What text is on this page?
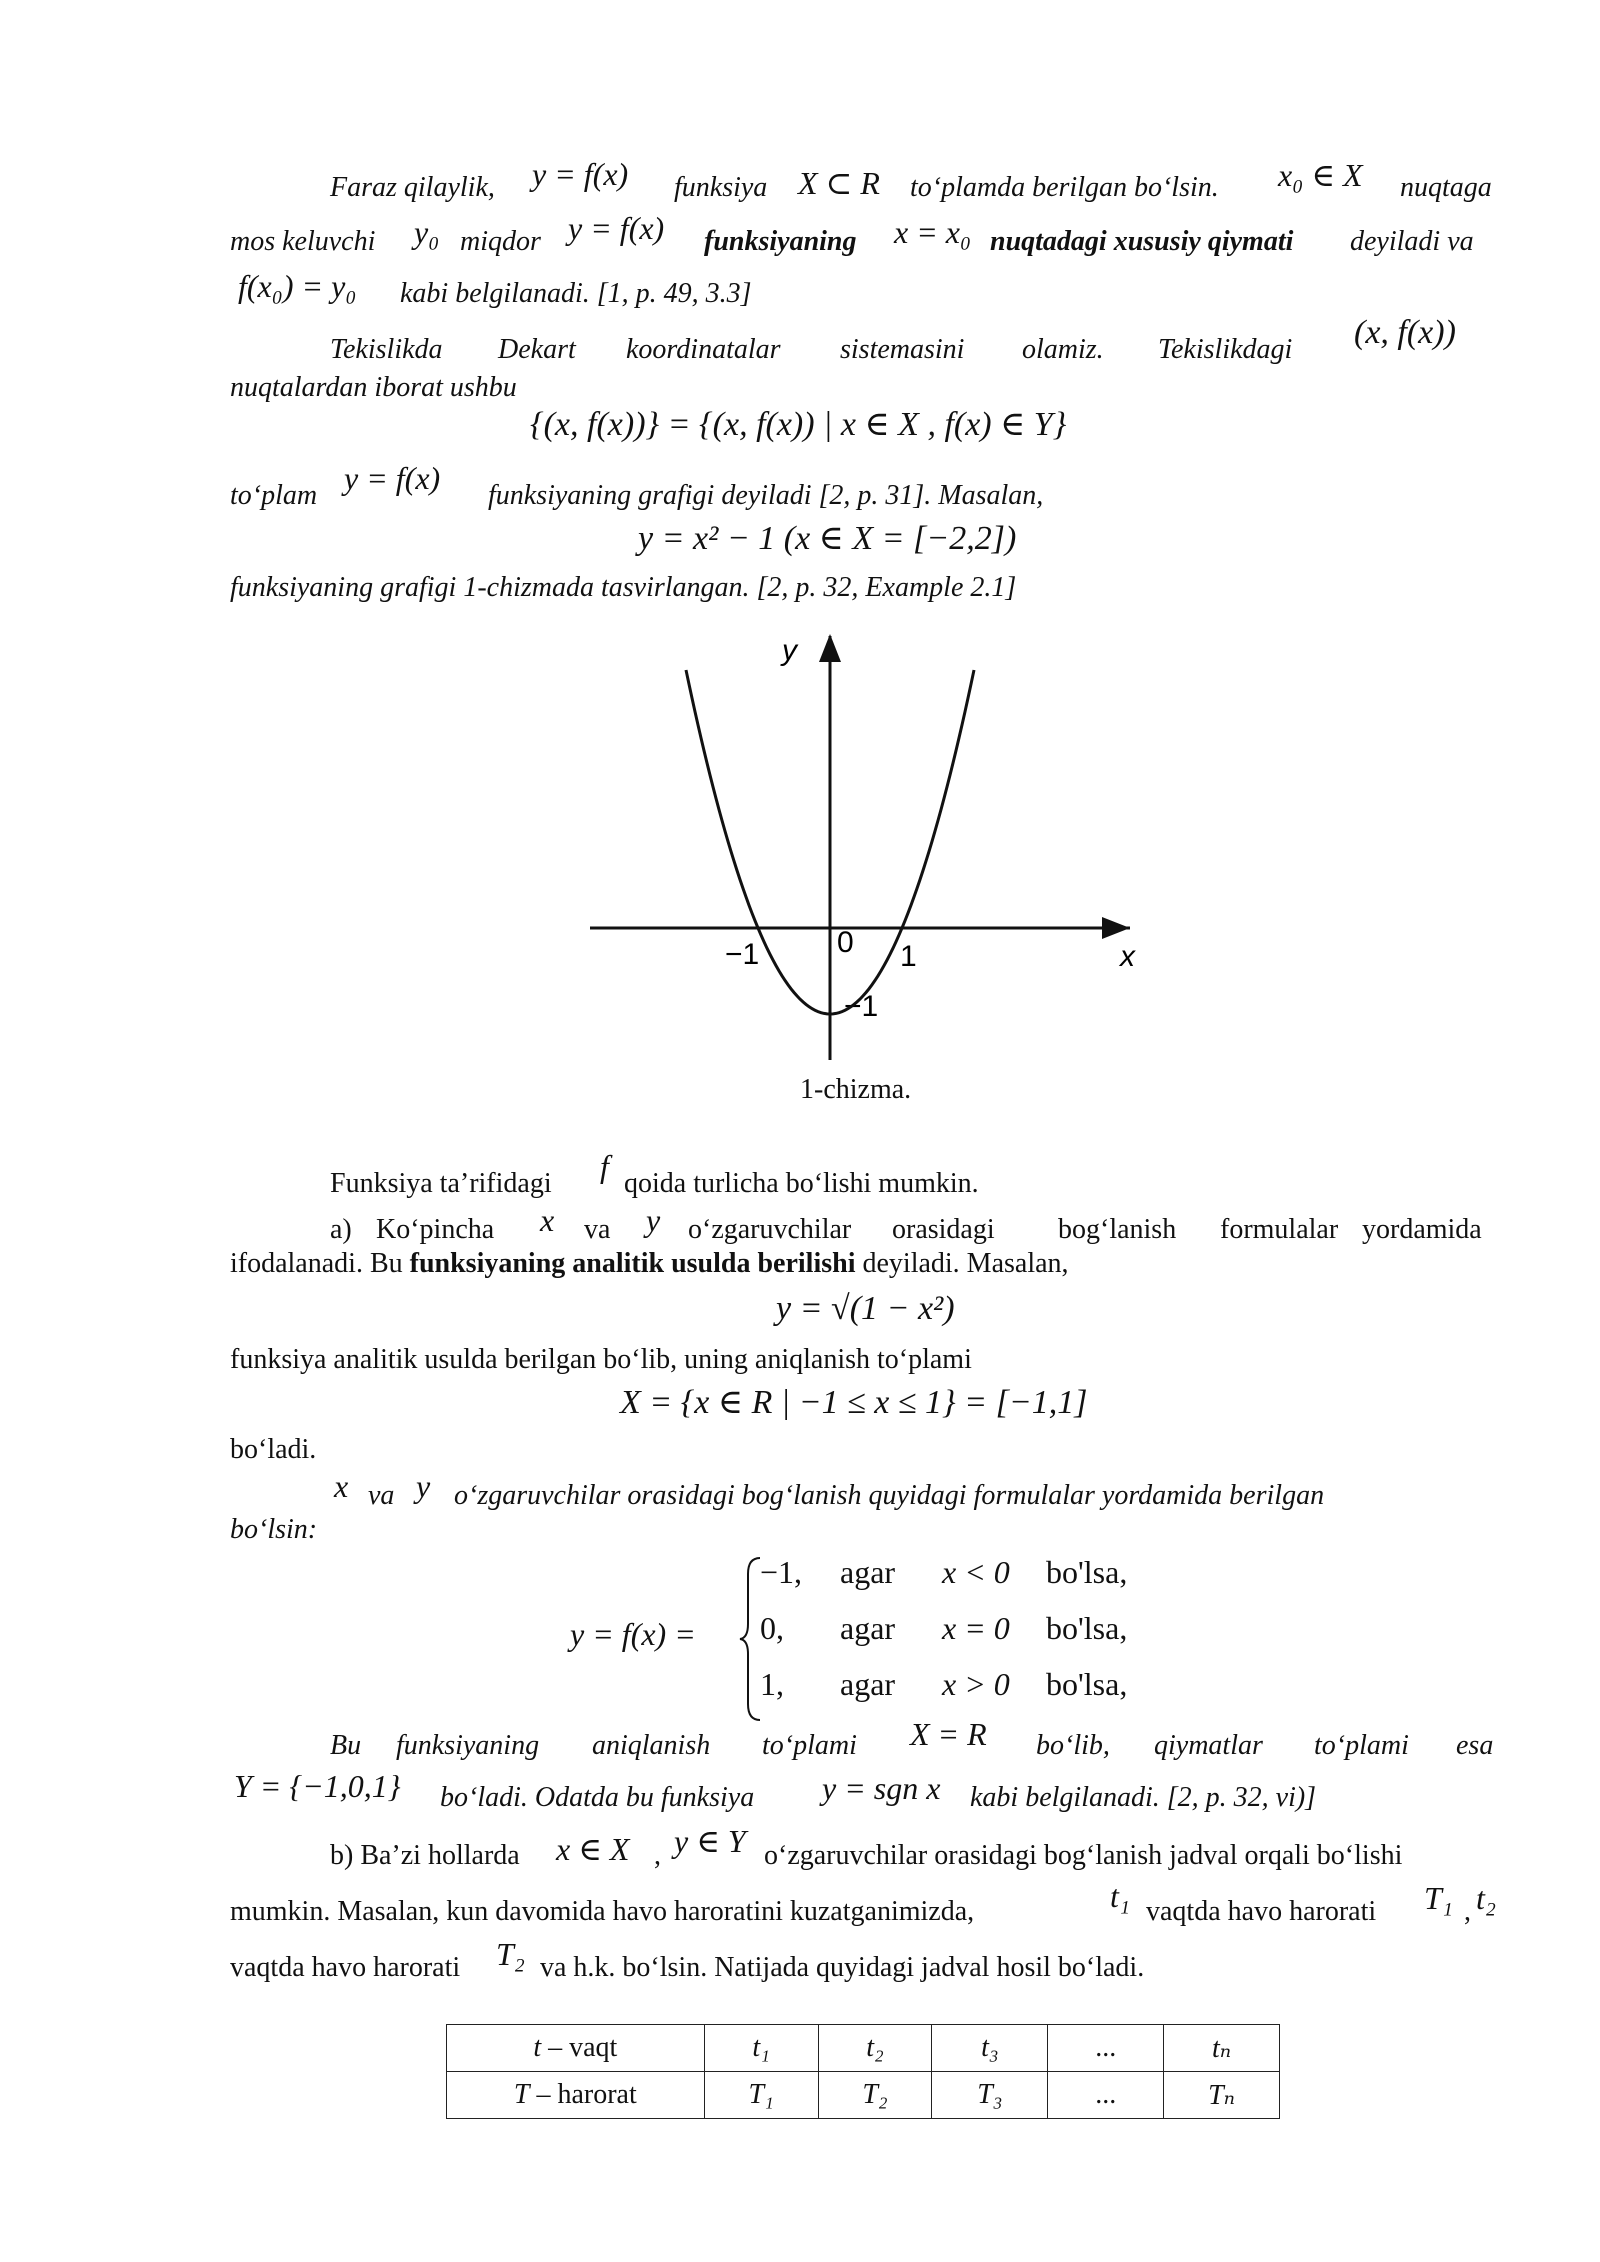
Faraz qilaylik, y = f(x) funksiya X ⊂ R to‘plamda berilgan bo‘lsin. x₀ ∈ X nuqtaga
mos keluvchi y₀ miqdor y = f(x) funksiyaning x = x₀ nuqtadagi xususiy qiymati deyiladi va
f(x₀) = y₀ kabi belgilanadi. [1, p. 49, 3.3]
Tekislikda Dekart koordinatalar sistemasini olamiz. Tekislikdagi (x, f(x))
nuqtalardan iborat ushbu
{(x, f(x))} = {(x, f(x)) | x ∈ X , f(x) ∈ Y}
to‘plam y = f(x) funksiyaning grafigi deyiladi [2, p. 31]. Masalan,
y = x² − 1 (x ∈ X = [−2,2])
funksiyaning grafigi 1-chizmada tasvirlangan. [2, p. 32, Example 2.1]
y
x
−1	0 1
−1
1-chizma.
Funksiya ta’rifidagi f qoida turlicha bo‘lishi mumkin.
a) Ko‘pincha x va y o‘zgaruvchilar orasidagi bog‘lanish formulalar yordamida
ifodalanadi. Bu funksiyaning analitik usulda berilishi deyiladi. Masalan,
y = √(1 − x²)
funksiya analitik usulda berilgan bo‘lib, uning aniqlanish to‘plami
X = {x ∈ R | −1 ≤ x ≤ 1} = [−1,1]
bo‘ladi.
x va y o‘zgaruvchilar orasidagi bog‘lanish quyidagi formulalar yordamida berilgan
bo‘lsin:
y = f(x) =
−1, agar x < 0 bo'lsa,
0, agar x = 0 bo'lsa,
1, agar x > 0 bo'lsa,
Bu funksiyaning aniqlanish to‘plami X = R bo‘lib, qiymatlar to‘plami esa
Y = {−1,0,1} bo‘ladi. Odatda bu funksiya y = sgn x kabi belgilanadi. [2, p. 32, vi)]
b) Ba’zi hollarda x ∈ X , y ∈ Y o‘zgaruvchilar orasidagi bog‘lanish jadval orqali bo‘lishi
mumkin. Masalan, kun davomida havo haroratini kuzatganimizda,	t₁ vaqtda havo harorati T₁ , t₂
vaqtda havo harorati T₂ va h.k. bo‘lsin. Natijada quyidagi jadval hosil bo‘ladi.
t – vaqt	t₁	t₂	t₃	...	tₙ
T – harorat	T₁	T₂	T₃	...	Tₙ
